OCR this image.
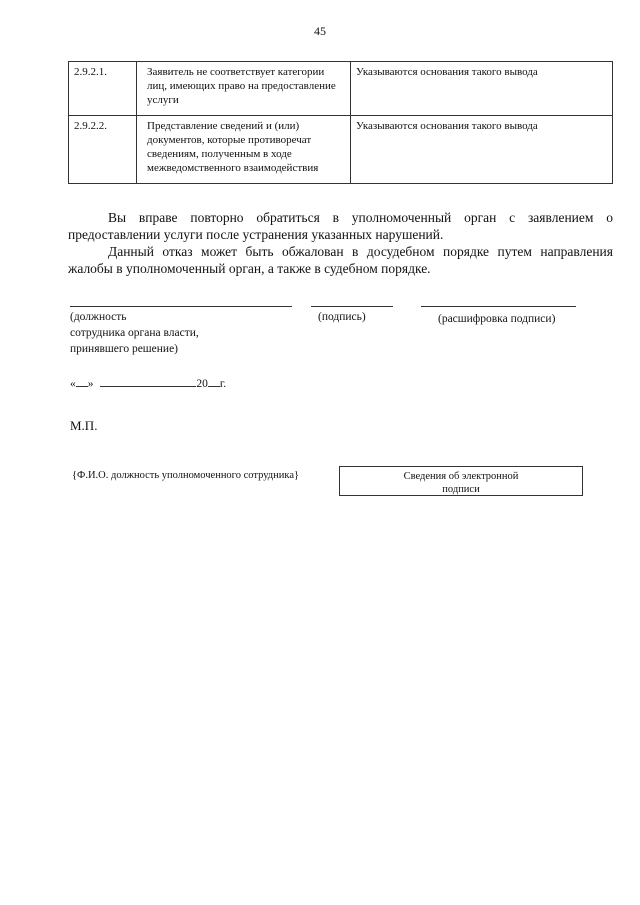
45
2.9.2.1.	Заявитель не соответствует категории лиц, имеющих право на предоставление услуги	Указываются основания такого вывода
2.9.2.2.	Представление сведений и (или) документов, которые противоречат сведениям, полученным в ходе межведомственного взаимодействия	Указываются основания такого вывода

Вы вправе повторно обратиться в уполномоченный орган с заявлением о предоставлении услуги после устранения указанных нарушений.

Данный отказ может быть обжалован в досудебном порядке путем направления жалобы в уполномоченный орган, а также в судебном порядке.

(должность
сотрудника органа власти,
принявшего решение)
(подпись)	(расшифровка подписи)
« »	20 г.
М.П.
{Ф.И.О. должность уполномоченного сотрудника}	Сведения об электронной подписи
